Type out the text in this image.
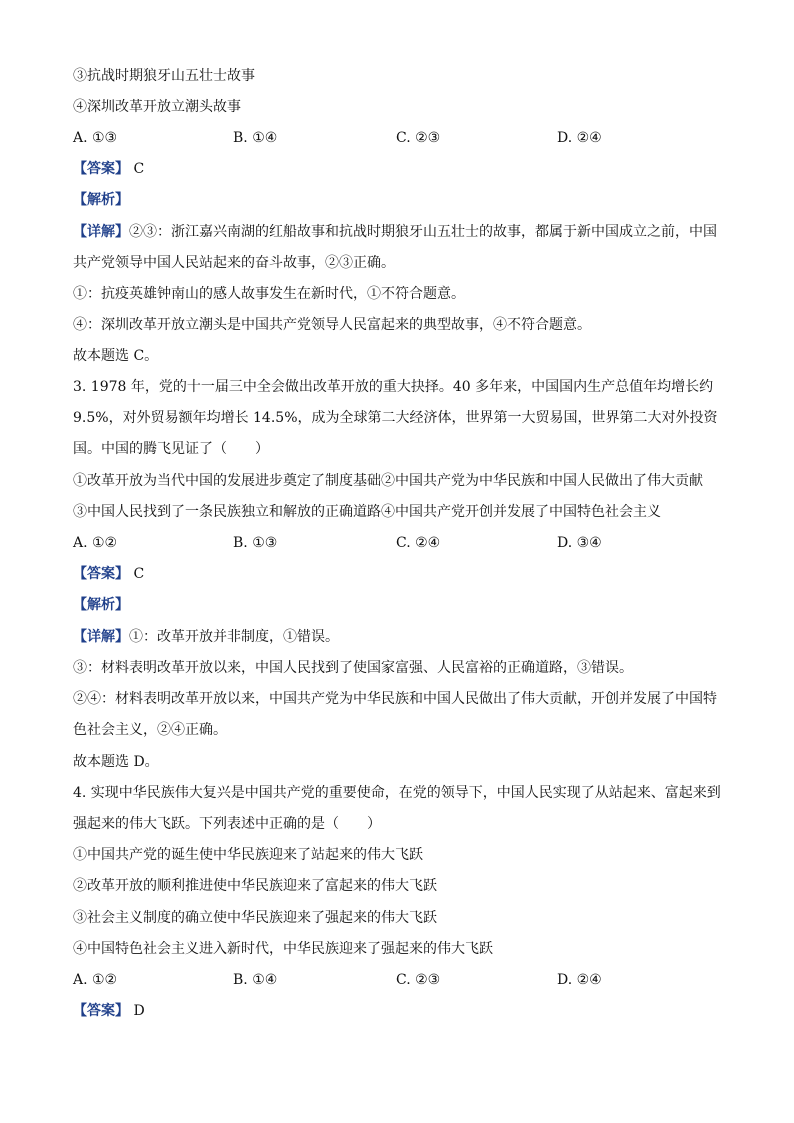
③抗战时期狼牙山五壮士故事
④深圳改革开放立潮头故事
A. ①③	B. ①④	C. ②③	D. ②④
【答案】 C
【解析】
【详解】②③：浙江嘉兴南湖的红船故事和抗战时期狼牙山五壮士的故事，都属于新中国成立之前，中国
共产党领导中国人民站起来的奋斗故事，②③正确。
①：抗疫英雄钟南山的感人故事发生在新时代，①不符合题意。
④：深圳改革开放立潮头是中国共产党领导人民富起来的典型故事，④不符合题意。
故本题选 C。
3. 1978 年，党的十一届三中全会做出改革开放的重大抉择。40 多年来，中国国内生产总值年均增长约
9.5%，对外贸易额年均增长 14.5%，成为全球第二大经济体，世界第一大贸易国，世界第二大对外投资
国。中国的腾飞见证了（　　）
①改革开放为当代中国的发展进步奠定了制度基础②中国共产党为中华民族和中国人民做出了伟大贡献
③中国人民找到了一条民族独立和解放的正确道路④中国共产党开创并发展了中国特色社会主义
A. ①②	B. ①③	C. ②④	D. ③④
【答案】 C
【解析】
【详解】①：改革开放并非制度，①错误。
③：材料表明改革开放以来，中国人民找到了使国家富强、人民富裕的正确道路，③错误。
②④：材料表明改革开放以来，中国共产党为中华民族和中国人民做出了伟大贡献，开创并发展了中国特
色社会主义，②④正确。
故本题选 D。
4. 实现中华民族伟大复兴是中国共产党的重要使命，在党的领导下，中国人民实现了从站起来、富起来到
强起来的伟大飞跃。下列表述中正确的是（　　）
①中国共产党的诞生使中华民族迎来了站起来的伟大飞跃
②改革开放的顺利推进使中华民族迎来了富起来的伟大飞跃
③社会主义制度的确立使中华民族迎来了强起来的伟大飞跃
④中国特色社会主义进入新时代，中华民族迎来了强起来的伟大飞跃
A. ①②	B. ①④	C. ②③	D. ②④
【答案】 D
